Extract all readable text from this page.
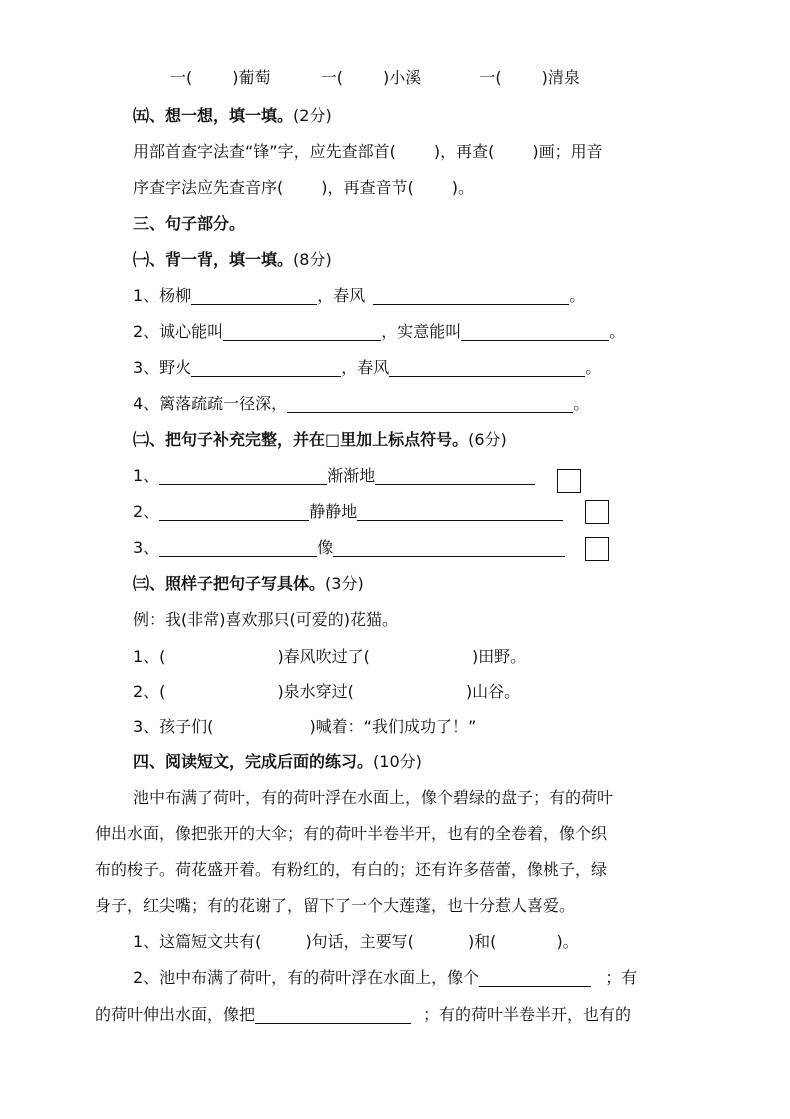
一(	)葡萄	一(	)小溪	一(	)清泉
㈤、想一想，填一填。(2分)
用部首查字法查“锋”字，应先查部首( )，再查( )画；用音
序查字法应先查音序( )，再查音节( )。
三、句子部分。
㈠、背一背，填一填。(8分)
1、杨柳	，春风	。
2、诚心能叫	，实意能叫	。
3、野火	，春风	。
4、篱落疏疏一径深，	。
㈡、把句子补充完整，并在□里加上标点符号。(6分)
1、	渐渐地
2、	静静地
3、	像
㈢、照样子把句子写具体。(3分)
例：我(非常)喜欢那只(可爱的)花猫。
1、(	)春风吹过了(	)田野。
2、(	)泉水穿过(	)山谷。
3、孩子们(	)喊着：“我们成功了！”
四、阅读短文，完成后面的练习。(10分)
池中布满了荷叶，有的荷叶浮在水面上，像个碧绿的盘子；有的荷叶
伸出水面，像把张开的大伞；有的荷叶半卷半开，也有的全卷着，像个织
布的梭子。荷花盛开着。有粉红的，有白的；还有许多蓓蕾，像桃子，绿
身子，红尖嘴；有的花谢了，留下了一个大莲蓬，也十分惹人喜爱。
1、这篇短文共有(	)句话，主要写(	)和(	)。
2、池中布满了荷叶，有的荷叶浮在水面上，像个	；有
的荷叶伸出水面，像把	；有的荷叶半卷半开，也有的
